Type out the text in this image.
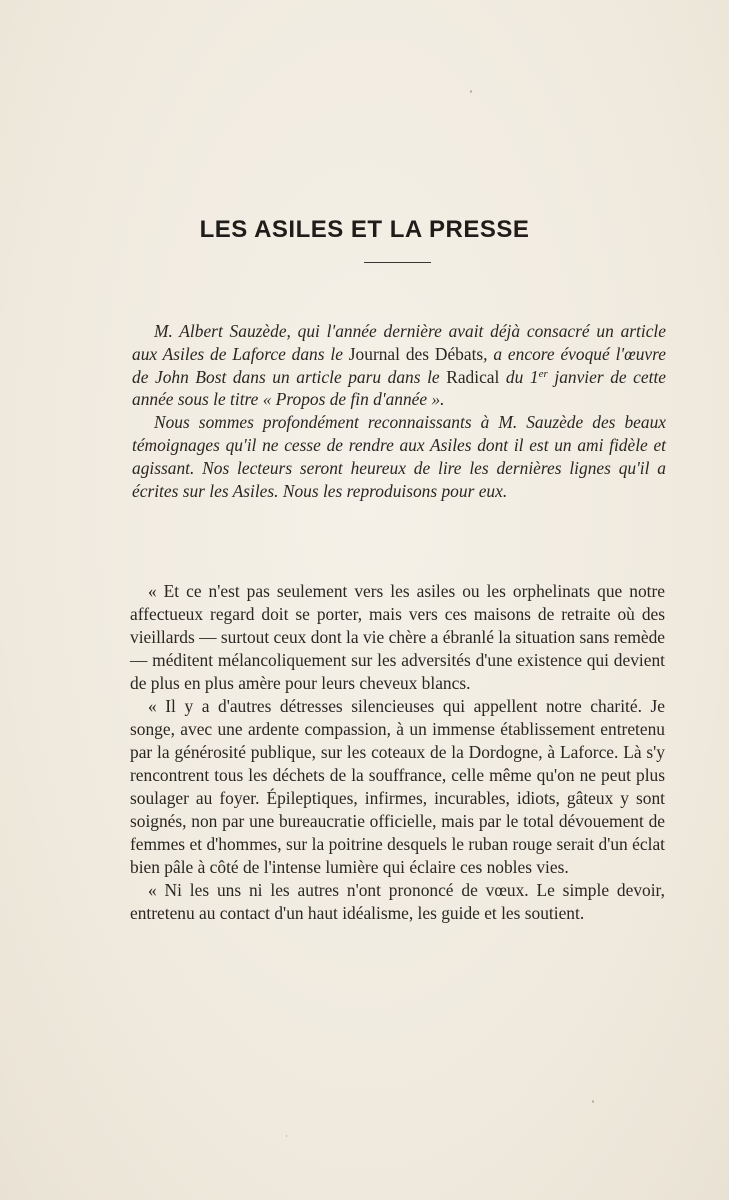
LES ASILES ET LA PRESSE

M. Albert Sauzède, qui l'année dernière avait déjà consacré un article aux Asiles de Laforce dans le Journal des Débats, a encore évoqué l'œuvre de John Bost dans un article paru dans le Radical du 1er janvier de cette année sous le titre « Propos de fin d'année ».

Nous sommes profondément reconnaissants à M. Sauzède des beaux témoignages qu'il ne cesse de rendre aux Asiles dont il est un ami fidèle et agissant. Nos lecteurs seront heureux de lire les dernières lignes qu'il a écrites sur les Asiles. Nous les reproduisons pour eux.

« Et ce n'est pas seulement vers les asiles ou les orphelinats que notre affectueux regard doit se porter, mais vers ces maisons de retraite où des vieillards — surtout ceux dont la vie chère a ébranlé la situation sans remède — méditent mélancoliquement sur les adversités d'une existence qui devient de plus en plus amère pour leurs cheveux blancs.

« Il y a d'autres détresses silencieuses qui appellent notre charité. Je songe, avec une ardente compassion, à un immense établissement entretenu par la générosité publique, sur les coteaux de la Dordogne, à Laforce. Là s'y rencontrent tous les déchets de la souffrance, celle même qu'on ne peut plus soulager au foyer. Épileptiques, infirmes, incurables, idiots, gâteux y sont soignés, non par une bureaucratie officielle, mais par le total dévouement de femmes et d'hommes, sur la poitrine desquels le ruban rouge serait d'un éclat bien pâle à côté de l'intense lumière qui éclaire ces nobles vies.

« Ni les uns ni les autres n'ont prononcé de vœux. Le simple devoir, entretenu au contact d'un haut idéalisme, les guide et les soutient.
